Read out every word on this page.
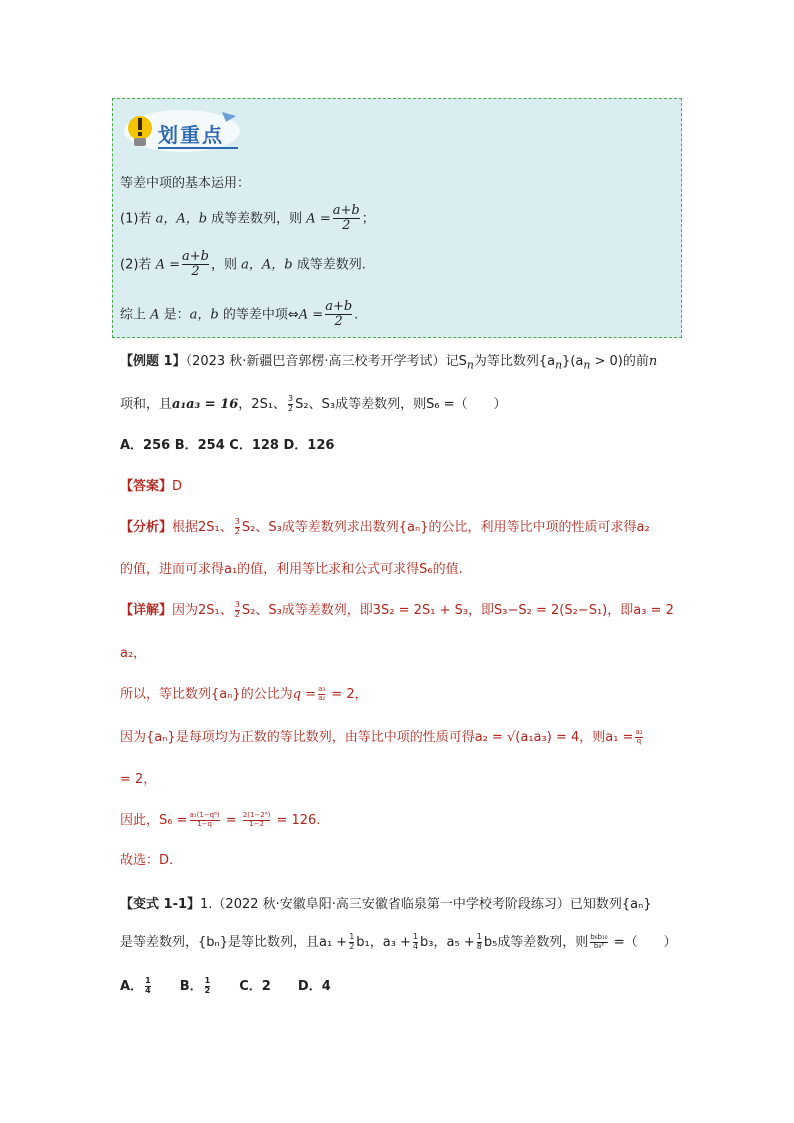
划重点
等差中项的基本运用：
(1)若 a，A，b 成等差数列，则 $A = \frac{a+b}{2}$ ；
(2)若 $A = \frac{a+b}{2}$ ，则 a，A，b 成等差数列.
综上 A 是：a，b 的等差中项⇔A = $\frac{a+b}{2}$ .
【例题 1】（2023 秋·新疆巴音郭楞·高三校考开学考试）记$S_n$为等比数列$\{a_n\}(a_n > 0)$的前n
项和，且a₁a₃ = 16，2S₁、 $\frac{3}{2} S_2$、S₃成等差数列，则S₆ =（　　）
A．256 B．254 C．128 D．126
【答案】D
【分析】根据2S₁、 $\frac{3}{2} S_2$、S₃成等差数列求出数列{aₙ}的公比，利用等比中项的性质可求得a₂
的值，进而可求得a₁的值，利用等比求和公式可求得S₆的值.
【详解】因为2S₁、 $\frac{3}{2} S_2$、S₃成等差数列，即3S₂ = 2S₁ + S₃，即S₃−S₂ = 2(S₂−S₁)，即a₃ = 2
a₂，
所以，等比数列{aₙ}的公比为$q = \frac{\text{a₃}}{\text{a₂}} = 2$，
因为{aₙ}是每项均为正数的等比数列，由等比中项的性质可得a₂ = √(a₁a₃) = 4，则$a_1 = \frac{\text{a₂}}{q}$
= 2，
因此，$S_6 = \frac{\text{a₁(1−q⁶)}}{1-q} = \frac{\text{2(1−2⁶)}}{1-2} = 126$.
故选：D.
【变式 1-1】1.（2022 秋·安徽阜阳·高三安徽省临泉第一中学校考阶段练习）已知数列{aₙ}
是等差数列，{bₙ}是等比数列，且$a_1 + \frac{1}{2} b_1$，$a_3 + \frac{1}{4} b_3$，$a_5 + \frac{1}{8} b_5$成等差数列，则 $\frac{\text{b₆b₁₀}}{\text{b₈²}}$ =（　　）
A． $\frac{1}{4}$ B． $\frac{1}{2}$ C．2 D．4
